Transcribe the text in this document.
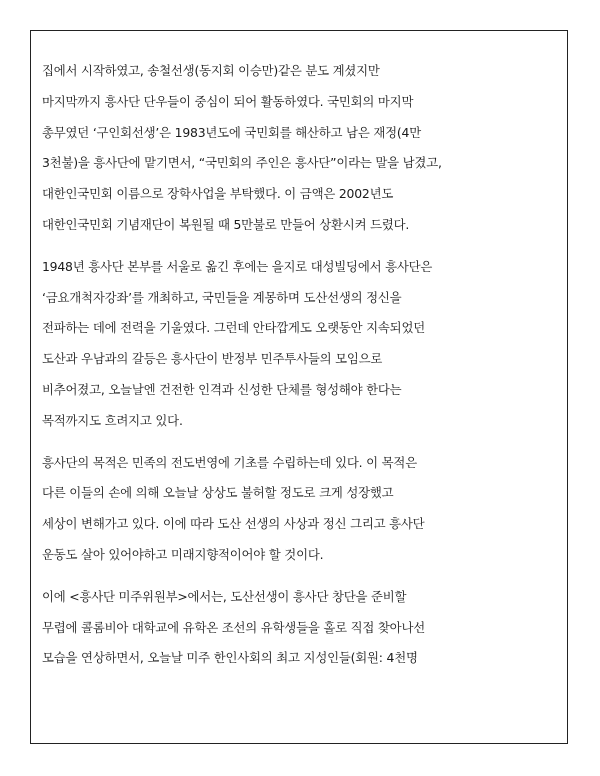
집에서 시작하였고, 송철선생(동지회 이승만)같은 분도 계셨지만
마지막까지 흥사단 단우들이 중심이 되어 활동하였다. 국민회의 마지막
총무였던 ‘구인회선생’은 1983년도에 국민회를 해산하고 남은 재정(4만
3천불)을 흥사단에 맡기면서, “국민회의 주인은 흥사단”이라는 말을 남겼고,
대한인국민회 이름으로 장학사업을 부탁했다. 이 금액은 2002년도
대한인국민회 기념재단이 복원될 때 5만불로 만들어 상환시켜 드렸다.
1948년 흥사단 본부를 서울로 옮긴 후에는 을지로 대성빌딩에서 흥사단은
‘금요개척자강좌’를 개최하고, 국민들을 계몽하며 도산선생의 정신을
전파하는 데에 전력을 기울였다. 그런데 안타깝게도 오랫동안 지속되었던
도산과 우남과의 갈등은 흥사단이 반정부 민주투사들의 모임으로
비추어졌고, 오늘날엔 건전한 인격과 신성한 단체를 형성해야 한다는
목적까지도 흐려지고 있다.
흥사단의 목적은 민족의 전도번영에 기초를 수립하는데 있다. 이 목적은
다른 이들의 손에 의해 오늘날 상상도 불허할 정도로 크게 성장했고
세상이 변해가고 있다. 이에 따라 도산 선생의 사상과 정신 그리고 흥사단
운동도 살아 있어야하고 미래지향적이어야 할 것이다.
이에 <흥사단 미주위원부>에서는, 도산선생이 흥사단 창단을 준비할
무렵에 콜롬비아 대학교에 유학온 조선의 유학생들을 홀로 직접 찾아나선
모습을 연상하면서, 오늘날 미주 한인사회의 최고 지성인들(회원: 4천명
